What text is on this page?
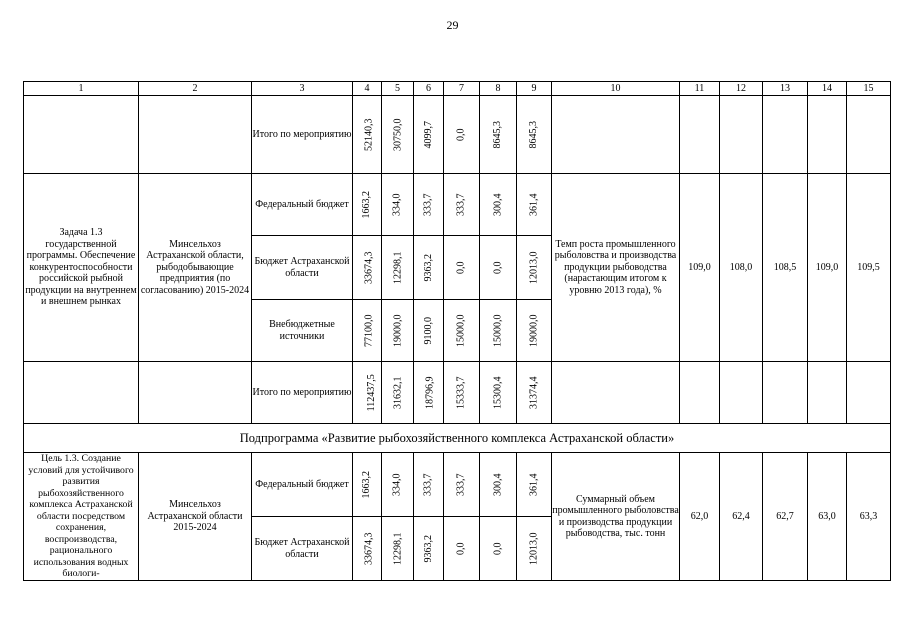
29
1	2	3	4	5	6	7	8	9	10	11	12	13	14	15
		Итого по мероприятию	52140,3	30750,0	4099,7	0,0	8645,3	8645,3						
Задача 1.3 государственной программы. Обеспечение конкурентоспособности российской рыбной продукции на внутреннем и внешнем рынках	Минсельхоз Астраханской области, рыбодобывающие предприятия (по согласованию) 2015-2024	Федеральный бюджет	1663,2	334,0	333,7	333,7	300,4	361,4	Темп роста промышленного рыболовства и производства продукции рыбоводства (нарастающим итогом к уровню 2013 года), %	109,0	108,0	108,5	109,0	109,5
		Бюджет Астраханской области	33674,3	12298,1	9363,2	0,0	0,0	12013,0						
		Внебюджетные источники	77100,0	19000,0	9100,0	15000,0	15000,0	19000,0						
		Итого по мероприятию	112437,5	31632,1	18796,9	15333,7	15300,4	31374,4						
Подпрограмма «Развитие рыбохозяйственного комплекса Астраханской области»														
Цель 1.3. Создание условий для устойчивого развития рыбохозяйственного комплекса Астраханской области посредством сохранения, воспроизводства, рационального использования водных биологи-	Минсельхоз Астраханской области 2015-2024	Федеральный бюджет	1663,2	334,0	333,7	333,7	300,4	361,4	Суммарный объем промышленного рыболовства и производства продукции рыбоводства, тыс. тонн	62,0	62,4	62,7	63,0	63,3
		Бюджет Астраханской области	33674,3	12298,1	9363,2	0,0	0,0	12013,0						
